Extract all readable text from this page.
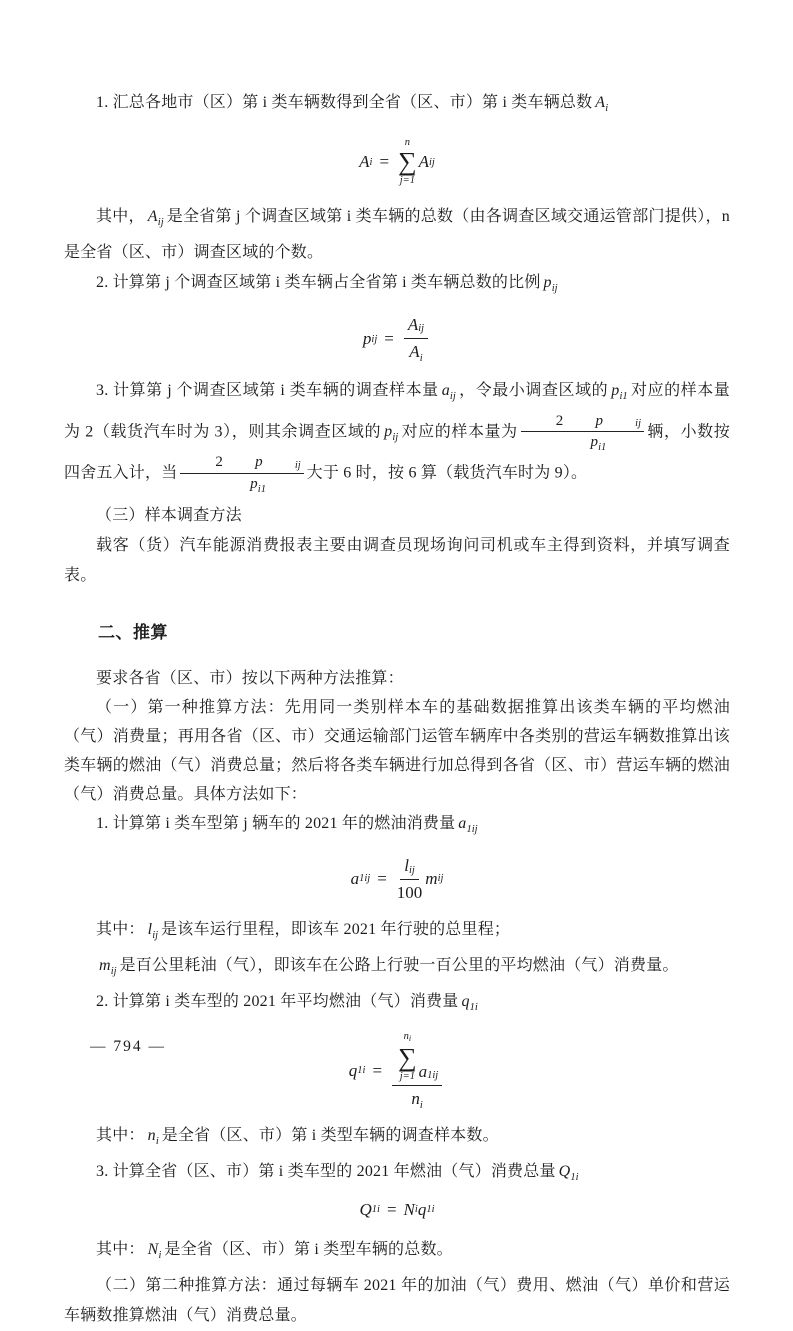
1. 汇总各地市（区）第 i 类车辆数得到全省（区、市）第 i 类车辆总数 $A_i$

A i =
n
∑
j=1
A ij

其中， $A_{ij}$ 是全省第 j 个调查区域第 i 类车辆的总数（由各调查区域交通运管部门提供），n 是全省（区、市）调查区域的个数。

2. 计算第 j 个调查区域第 i 类车辆占全省第 i 类车辆总数的比例 $p_{ij}$

p ij = $\frac{A_{ij}}{A_i}$

3. 计算第 j 个调查区域第 i 类车辆的调查样本量 $a_{ij}$ ，令最小调查区域的 $p_{i1}$ 对应的样本量为 2（载货汽车时为 3），则其余调查区域的 $p_{ij}$ 对应的样本量为 2	p	ij
$p_{i1}$ 辆，小数按四舍五入计，当 2	p	ij
$p_{i1}$ 大于 6 时，按 6 算（载货汽车时为 9）。

（三）样本调查方法

载客（货）汽车能源消费报表主要由调查员现场询问司机或车主得到资料，并填写调查表。

二、推算

要求各省（区、市）按以下两种方法推算：

（一）第一种推算方法：先用同一类别样本车的基础数据推算出该类车辆的平均燃油（气）消费量；再用各省（区、市）交通运输部门运管车辆库中各类别的营运车辆数推算出该类车辆的燃油（气）消费总量；然后将各类车辆进行加总得到各省（区、市）营运车辆的燃油（气）消费总量。具体方法如下：

1. 计算第 i 类车型第 j 辆车的 2021 年的燃油消费量 $a_{1ij}$

a $1ij = \frac{l_{ij}}{100}$ m ij

其中： $l_{ij}$ 是该车运行里程，即该车 2021 年行驶的总里程；

$m_{ij}$ 是百公里耗油（气），即该车在公路上行驶一百公里的平均燃油（气）消费量。

2. 计算第 i 类车型的 2021 年平均燃油（气）消费量 $q_{1i}$

q $1i = n_i$
∑
j=1 $a_{1ij}$
$n_i$

其中： $n_i$ 是全省（区、市）第 i 类型车辆的调查样本数。

3. 计算全省（区、市）第 i 类车型的 2021 年燃油（气）消费总量 $Q_{1i}$

Q 1i = N i q 1i

其中： $N_i$ 是全省（区、市）第 i 类型车辆的总数。

（二）第二种推算方法：通过每辆车 2021 年的加油（气）费用、燃油（气）单价和营运车辆数推算燃油（气）消费总量。

— 794 —
